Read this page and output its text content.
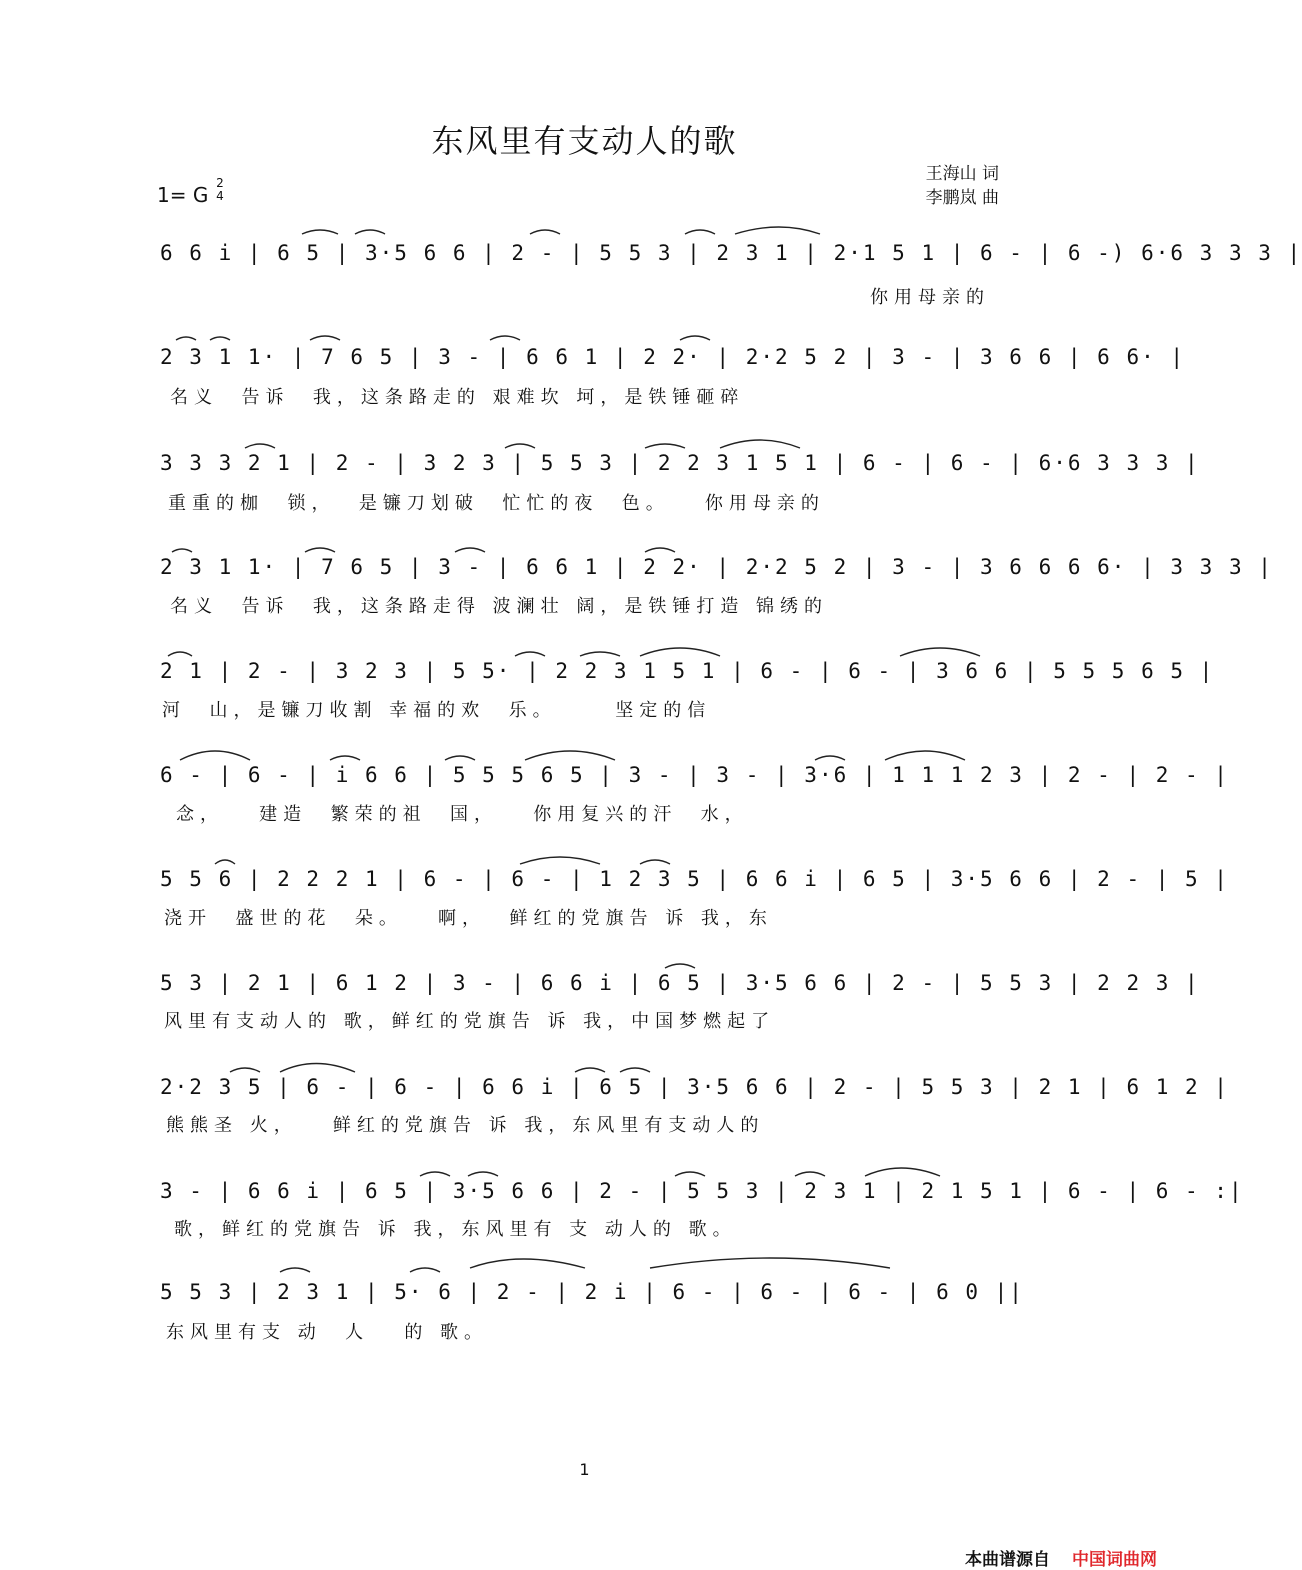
东风里有支动人的歌
1= G 2
4
王海山 词
李鹏岚 曲
6 6 i | 6 5 | 3·5 6 6 | 2 - | 5 5 3 | 2 3 1 | 2·1 5 1 | 6 - | 6 -) 6·6 3 3 3 |
你用母亲的
2 3 1 1· | 7 6 5 | 3 - | 6 6 1 | 2 2· | 2·2 5 2 | 3 - | 3 6 6 | 6 6· |
名义  告诉  我，这条路走的 艰难坎 坷，是铁锤砸碎
3 3 3 2 1 | 2 - | 3 2 3 | 5 5 3 | 2 2 3 1 5 1 | 6 - | 6 - | 6·6 3 3 3 |
重重的枷  锁，  是镰刀划破  忙忙的夜  色。   你用母亲的
2 3 1 1· | 7 6 5 | 3 - | 6 6 1 | 2 2· | 2·2 5 2 | 3 - | 3 6 6 6 6· | 3 3 3 |
名义  告诉  我，这条路走得 波澜壮 阔，是铁锤打造 锦绣的
2 1 | 2 - | 3 2 3 | 5 5· | 2 2 3 1 5 1 | 6 - | 6 - | 3 6 6 | 5 5 5 6 5 |
河  山，是镰刀收割 幸福的欢  乐。     坚定的信
6 - | 6 - | i 6 6 | 5 5 5 6 5 | 3 - | 3 - | 3·6 | 1 1 1 2 3 | 2 - | 2 - |
念，   建造  繁荣的祖  国，   你用复兴的汗  水，
5 5 6 | 2 2 2 1 | 6 - | 6 - | 1 2 3 5 | 6 6 i | 6 5 | 3·5 6 6 | 2 - | 5 |
浇开  盛世的花  朵。   啊，  鲜红的党旗告 诉 我，东
5 3 | 2 1 | 6 1 2 | 3 - | 6 6 i | 6 5 | 3·5 6 6 | 2 - | 5 5 3 | 2 2 3 |
风里有支动人的 歌，鲜红的党旗告 诉 我，中国梦燃起了
2·2 3 5 | 6 - | 6 - | 6 6 i | 6 5 | 3·5 6 6 | 2 - | 5 5 3 | 2 1 | 6 1 2 |
熊熊圣 火，   鲜红的党旗告 诉 我，东风里有支动人的
3 - | 6 6 i | 6 5 | 3·5 6 6 | 2 - | 5 5 3 | 2 3 1 | 2 1 5 1 | 6 - | 6 - :|
歌，鲜红的党旗告 诉 我，东风里有 支 动人的 歌。
5 5 3 | 2 3 1 | 5· 6 | 2 - | 2 i | 6 - | 6 - | 6 - | 6 0 ||
东风里有支 动  人   的 歌。
1
本曲谱源自 中国词曲网
